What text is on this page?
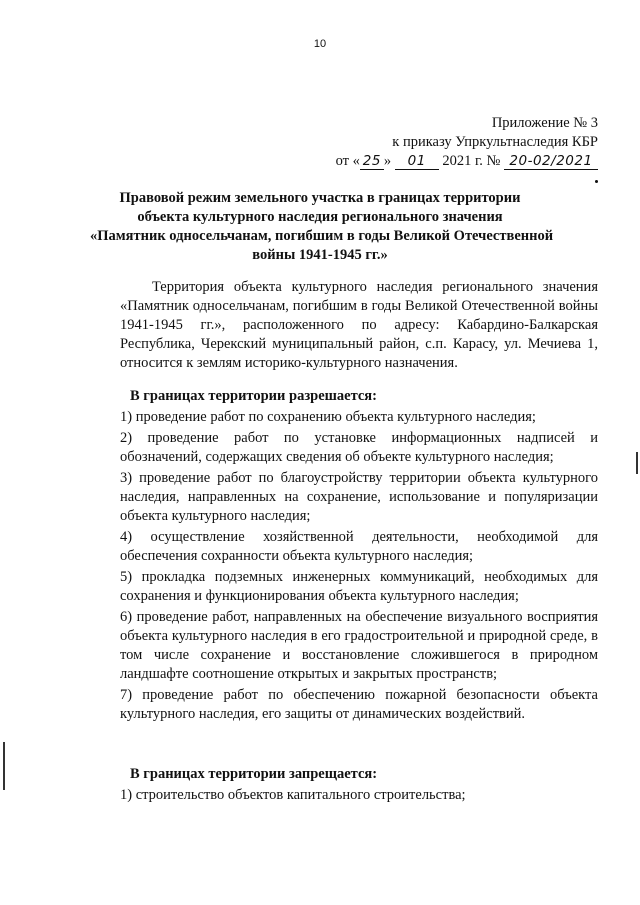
10
Приложение № 3
к приказу Упркультнаследия КБР
от « 25 » 01 2021 г. № 20-02/2021
Правовой режим земельного участка в границах территории
объекта культурного наследия регионального значения
«Памятник односельчанам, погибшим в годы Великой Отечественной
войны 1941-1945 гг.»

Территория объекта культурного наследия регионального значения «Памятник односельчанам, погибшим в годы Великой Отечественной войны 1941-1945 гг.», расположенного по адресу: Кабардино-Балкарская Республика, Черекский муниципальный район, с.п. Карасу, ул. Мечиева 1, относится к землям историко-культурного назначения.

В границах территории разрешается:
1) проведение работ по сохранению объекта культурного наследия;
2) проведение работ по установке информационных надписей и обозначений, содержащих сведения об объекте культурного наследия;
3) проведение работ по благоустройству территории объекта культурного наследия, направленных на сохранение, использование и популяризации объекта культурного наследия;
4) осуществление хозяйственной деятельности, необходимой для обеспечения сохранности объекта культурного наследия;
5) прокладка подземных инженерных коммуникаций, необходимых для сохранения и функционирования объекта культурного наследия;
6) проведение работ, направленных на обеспечение визуального восприятия объекта культурного наследия в его градостроительной и природной среде, в том числе сохранение и восстановление сложившегося в природном ландшафте соотношение открытых и закрытых пространств;
7) проведение работ по обеспечению пожарной безопасности объекта культурного наследия, его защиты от динамических воздействий.
В границах территории запрещается:
1) строительство объектов капитального строительства;
